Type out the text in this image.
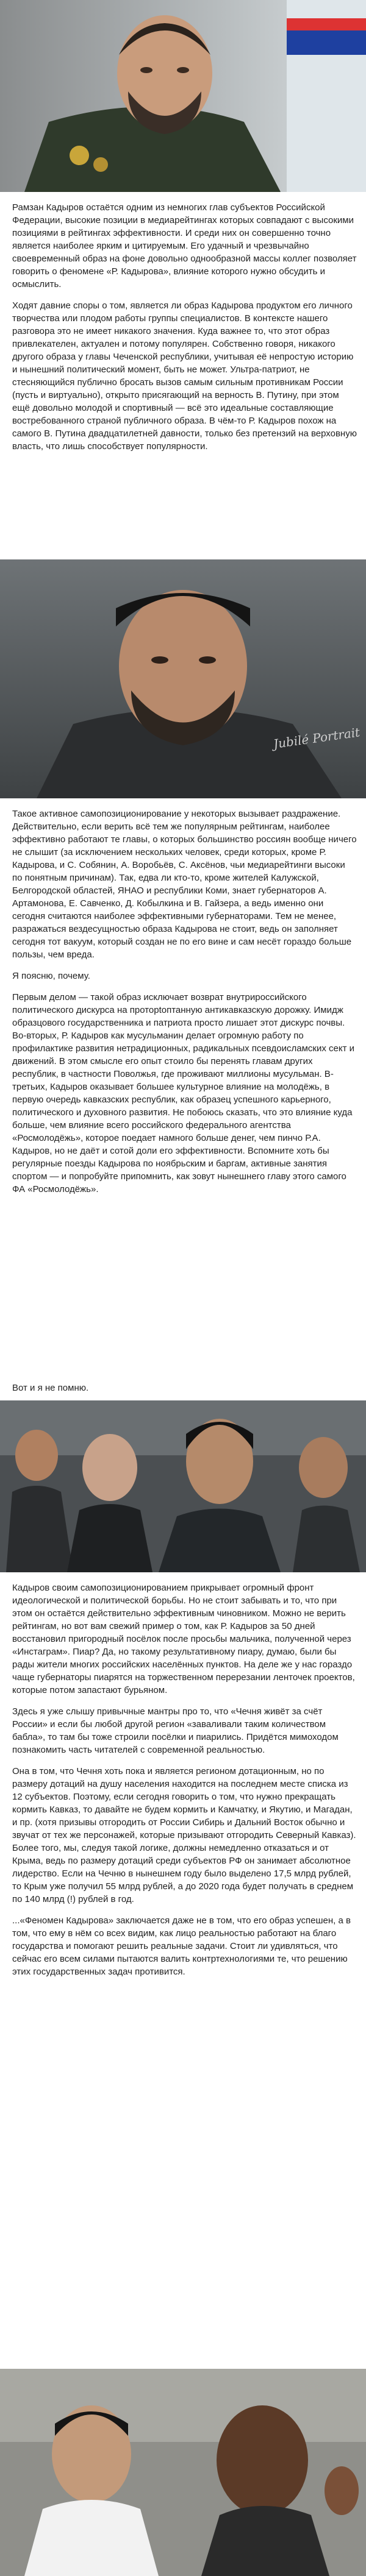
Рамзан Кадыров остаётся одним из немногих глав субъектов Российской Федерации, высокие позиции в медиарейтингах которых совпадают с высокими позициями в рейтингах эффективности. И среди них он совершенно точно является наиболее ярким и цитируемым. Его удачный и чрезвычайно своевременный образ на фоне довольно однообразной массы коллег позволяет говорить о феномене «Р. Кадырова», влияние которого нужно обсудить и осмыслить.

Ходят давние споры о том, является ли образ Кадырова продуктом его личного творчества или плодом работы группы специалистов. В контексте нашего разговора это не имеет никакого значения. Куда важнее то, что этот образ привлекателен, актуален и потому популярен. Собственно говоря, никакого другого образа у главы Чеченской республики, учитывая её непростую историю и нынешний политический момент, быть не может. Ультра-патриот, не стесняющийся публично бросать вызов самым сильным противникам России (пусть и виртуально), открыто присягающий на верность В. Путину, при этом ещё довольно молодой и спортивный — всё это идеальные составляющие востребованного страной публичного образа. В чём-то Р. Кадыров похож на самого В. Путина двадцатилетней давности, только без претензий на верховную власть, что лишь способствует популярности.

Jubilé Portrait

Такое активное самопозиционирование у некоторых вызывает раздражение. Действительно, если верить всё тем же популярным рейтингам, наиболее эффективно работают те главы, о которых большинство россиян вообще ничего не слышит (за исключением нескольких человек, среди которых, кроме Р. Кадырова, и С. Собянин, А. Воробьёв, С. Аксёнов, чьи медиарейтинги высоки по понятным причинам). Так, едва ли кто-то, кроме жителей Калужской, Белгородской областей, ЯНАО и республики Коми, знает губернаторов А. Артамонова, Е. Савченко, Д. Кобылкина и В. Гайзера, а ведь именно они сегодня считаются наиболее эффективными губернаторами. Тем не менее, разражаться вездесущностью образа Кадырова не стоит, ведь он заполняет сегодня тот вакуум, который создан не по его вине и сам несёт гораздо больше пользы, чем вреда.

Я поясню, почему.

Первым делом — такой образ исключает возврат внутрироссийского политического дискурса на протоptoптанную антикавказскую дорожку. Имидж образцового государственника и патриота просто лишает этот дискурс почвы. Во-вторых, Р. Кадыров как мусульманин делает огромную работу по профилактике развития нетрадиционных, радикальных псевдоисламских сект и движений. В этом смысле его опыт стоило бы перенять главам других республик, в частности Поволжья, где проживают миллионы мусульман. В-третьих, Кадыров оказывает большее культурное влияние на молодёжь, в первую очередь кавказских республик, как образец успешного карьерного, политического и духовного развития. Не побоюсь сказать, что это влияние куда больше, чем влияние всего российского федерального агентства «Росмолодёжь», которое поедает намного больше денег, чем пинчо Р.А. Кадыров, но не даёт и сотой доли его эффективности. Вспомните хоть бы регулярные поезды Кадырова по ноябрьским и баргам, активные занятия спортом — и попробуйте припомнить, как зовут нынешнего главу этого самого ФА «Росмолодёжь».

Вот и я не помню.

Кадыров своим самопозиционированием прикрывает огромный фронт идеологической и политической борьбы. Но не стоит забывать и то, что при этом он остаётся действительно эффективным чиновником. Можно не верить рейтингам, но вот вам свежий пример о том, как Р. Кадыров за 50 дней восстановил пригородный посёлок после просьбы мальчика, полученной через «Инстаграм». Пиар? Да, но такому результативному пиару, думаю, были бы рады жители многих российских населённых пунктов. На деле же у нас гораздо чаще губернаторы пиарятся на торжественном перерезании ленточек проектов, которые потом запастают бурьяном.

Здесь я уже слышу привычные мантры про то, что «Чечня живёт за счёт России» и если бы любой другой регион «заваливали таким количеством бабла», то там бы тоже строили посёлки и пиарились. Придётся мимоходом познакомить часть читателей с современной реальностью.

Она в том, что Чечня хоть пока и является регионом дотационным, но по размеру дотаций на душу населения находится на последнем месте списка из 12 субъектов. Поэтому, если сегодня говорить о том, что нужно прекращать кормить Кавказ, то давайте не будем кормить и Камчатку, и Якутию, и Магадан, и пр. (хотя призывы отгородить от России Сибирь и Дальний Восток обычно и звучат от тех же персонажей, которые призывают отгородить Северный Кавказ). Более того, мы, следуя такой логике, должны немедленно отказаться и от Крыма, ведь по размеру дотаций среди субъектов РФ он занимает абсолютное лидерство. Если на Чечню в нынешнем году было выделено 17,5 млрд рублей, то Крым уже получил 55 млрд рублей, а до 2020 года будет получать в среднем по 140 млрд (!) рублей в год.

...«Феномен Кадырова» заключается даже не в том, что его образ успешен, а в том, что ему в нём со всех видим, как лицо реальностью работают на благо государства и помогают решить реальные задачи. Стоит ли удивляться, что сейчас его всем силами пытаются валить контртехнологиями те, что решению этих государственных задач противится.
